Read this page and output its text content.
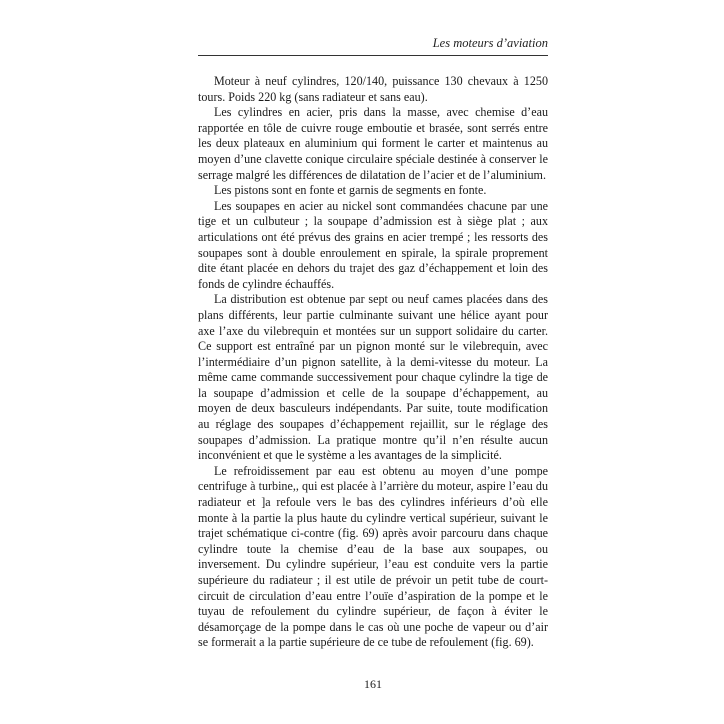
Les moteurs d’aviation

Moteur à neuf cylindres, 120/140, puissance 130 chevaux à 1250 tours. Poids 220 kg (sans radiateur et sans eau).

Les cylindres en acier, pris dans la masse, avec chemise d’eau rapportée en tôle de cuivre rouge emboutie et brasée, sont serrés entre les deux plateaux en aluminium qui forment le carter et maintenus au moyen d’une clavette conique circulaire spéciale destinée à conserver le serrage malgré les différences de dilatation de l’acier et de l’aluminium.

Les pistons sont en fonte et garnis de segments en fonte.

Les soupapes en acier au nickel sont commandées chacune par une tige et un culbuteur ; la soupape d’admission est à siège plat ; aux articulations ont été prévus des grains en acier trempé ; les ressorts des soupapes sont à double enroulement en spirale, la spirale proprement dite étant placée en dehors du trajet des gaz d’échappement et loin des fonds de cylindre échauffés.

La distribution est obtenue par sept ou neuf cames placées dans des plans différents, leur partie culminante suivant une hélice ayant pour axe l’axe du vilebrequin et montées sur un support solidaire du carter. Ce support est entraîné par un pignon monté sur le vilebrequin, avec l’intermédiaire d’un pignon satellite, à la demi-vitesse du moteur. La même came commande successivement pour chaque cylindre la tige de la soupape d’admission et celle de la soupape d’échappement, au moyen de deux basculeurs indépendants. Par suite, toute modification au réglage des soupapes d’échappement rejaillit, sur le réglage des soupapes d’admission. La pratique montre qu’il n’en résulte aucun inconvénient et que le système a les avantages de la simplicité.

Le refroidissement par eau est obtenu au moyen d’une pompe centrifuge à turbine,, qui est placée à l’arrière du moteur, aspire l’eau du radiateur et ]a refoule vers le bas des cylindres inférieurs d’où elle monte à la partie la plus haute du cylindre vertical supérieur, suivant le trajet schématique ci-contre (fig. 69) après avoir parcouru dans chaque cylindre toute la chemise d’eau de la base aux soupapes, ou inversement. Du cylindre supérieur, l’eau est conduite vers la partie supérieure du radiateur ; il est utile de prévoir un petit tube de court-circuit de circulation d’eau entre l’ouïe d’aspiration de la pompe et le tuyau de refoulement du cylindre supérieur, de façon à éviter le désamorçage de la pompe dans le cas où une poche de vapeur ou d’air se formerait a la partie supérieure de ce tube de refoulement (fig. 69).

161
